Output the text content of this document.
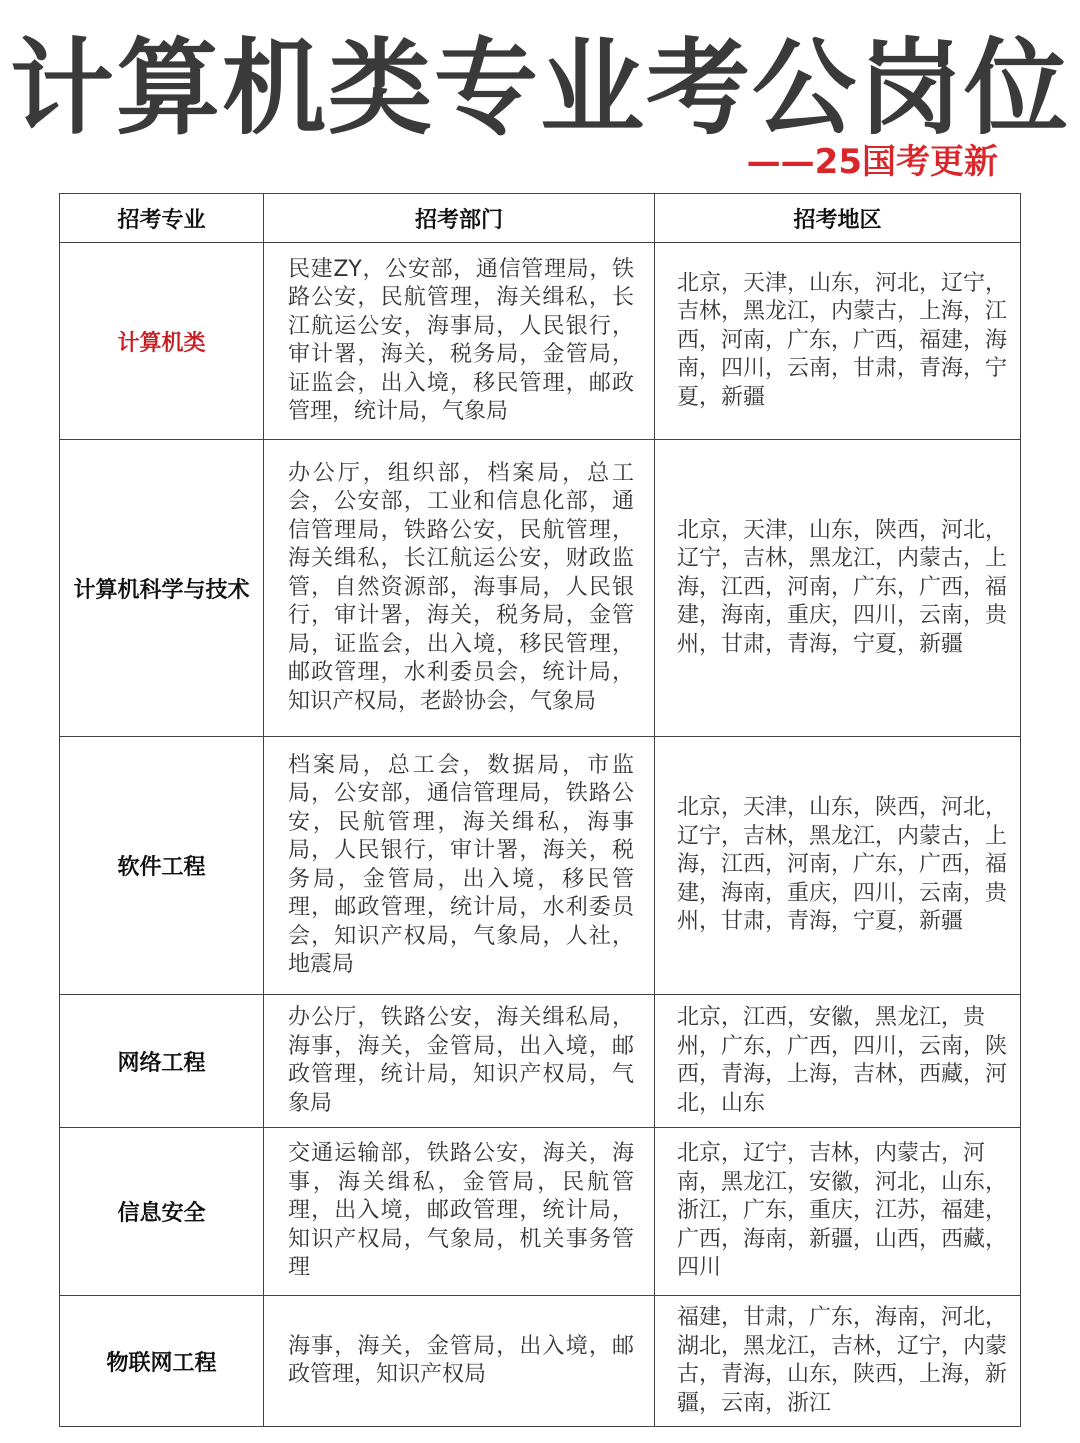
计算机类专业考公岗位
——25国考更新
招考专业	招考部门	招考地区
计算机类	民建ZY，公安部，通信管理局，铁路公安，民航管理，海关缉私，长江航运公安，海事局，人民银行，审计署，海关，税务局，金管局，证监会，出入境，移民管理，邮政管理，统计局，气象局	北京，天津，山东，河北，辽宁，吉林，黑龙江，内蒙古，上海，江西，河南，广东，广西，福建，海南，四川，云南，甘肃，青海，宁夏，新疆
计算机科学与技术	办公厅，组织部，档案局，总工会，公安部，工业和信息化部，通信管理局，铁路公安，民航管理，海关缉私，长江航运公安，财政监管，自然资源部，海事局，人民银行，审计署，海关，税务局，金管局，证监会，出入境，移民管理，邮政管理，水利委员会，统计局，知识产权局，老龄协会，气象局	北京，天津，山东，陕西，河北，辽宁，吉林，黑龙江，内蒙古，上海，江西，河南，广东，广西，福建，海南，重庆，四川，云南，贵州，甘肃，青海，宁夏，新疆
软件工程	档案局，总工会，数据局，市监局，公安部，通信管理局，铁路公安，民航管理，海关缉私，海事局，人民银行，审计署，海关，税务局，金管局，出入境，移民管理，邮政管理，统计局，水利委员会，知识产权局，气象局，人社，地震局	北京，天津，山东，陕西，河北，辽宁，吉林，黑龙江，内蒙古，上海，江西，河南，广东，广西，福建，海南，重庆，四川，云南，贵州，甘肃，青海，宁夏，新疆
网络工程	办公厅，铁路公安，海关缉私局，海事，海关，金管局，出入境，邮政管理，统计局，知识产权局，气象局	北京，江西，安徽，黑龙江，贵州，广东，广西，四川，云南，陕西，青海，上海，吉林，西藏，河北，山东
信息安全	交通运输部，铁路公安，海关，海事，海关缉私，金管局，民航管理，出入境，邮政管理，统计局，知识产权局，气象局，机关事务管理	北京，辽宁，吉林，内蒙古，河南，黑龙江，安徽，河北，山东，浙江，广东，重庆，江苏，福建，广西，海南，新疆，山西，西藏，四川
物联网工程	海事，海关，金管局，出入境，邮政管理，知识产权局	福建，甘肃，广东，海南，河北，湖北，黑龙江，吉林，辽宁，内蒙古，青海，山东，陕西，上海，新疆，云南，浙江
